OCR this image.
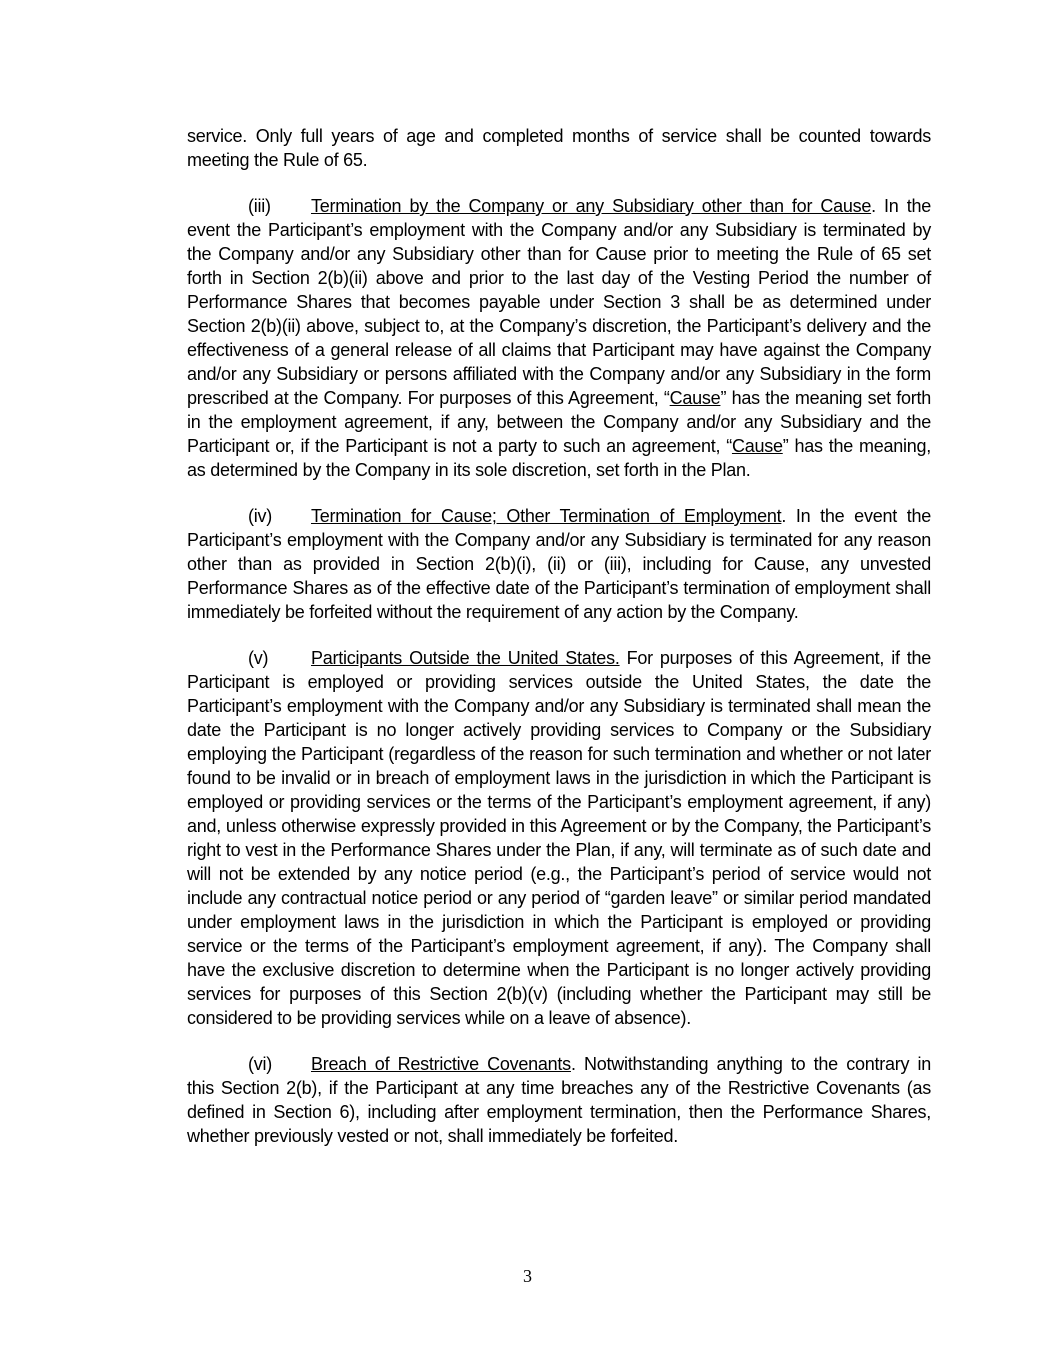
service. Only full years of age and completed months of service shall be counted towards meeting the Rule of 65.

(iii) Termination by the Company or any Subsidiary other than for Cause. In the event the Participant’s employment with the Company and/or any Subsidiary is terminated by the Company and/or any Subsidiary other than for Cause prior to meeting the Rule of 65 set forth in Section 2(b)(ii) above and prior to the last day of the Vesting Period the number of Performance Shares that becomes payable under Section 3 shall be as determined under Section 2(b)(ii) above, subject to, at the Company’s discretion, the Participant’s delivery and the effectiveness of a general release of all claims that Participant may have against the Company and/or any Subsidiary or persons affiliated with the Company and/or any Subsidiary in the form prescribed at the Company. For purposes of this Agreement, “Cause” has the meaning set forth in the employment agreement, if any, between the Company and/or any Subsidiary and the Participant or, if the Participant is not a party to such an agreement, “Cause” has the meaning, as determined by the Company in its sole discretion, set forth in the Plan.

(iv) Termination for Cause; Other Termination of Employment. In the event the Participant’s employment with the Company and/or any Subsidiary is terminated for any reason other than as provided in Section 2(b)(i), (ii) or (iii), including for Cause, any unvested Performance Shares as of the effective date of the Participant’s termination of employment shall immediately be forfeited without the requirement of any action by the Company.

(v) Participants Outside the United States. For purposes of this Agreement, if the Participant is employed or providing services outside the United States, the date the Participant’s employment with the Company and/or any Subsidiary is terminated shall mean the date the Participant is no longer actively providing services to Company or the Subsidiary employing the Participant (regardless of the reason for such termination and whether or not later found to be invalid or in breach of employment laws in the jurisdiction in which the Participant is employed or providing services or the terms of the Participant’s employment agreement, if any) and, unless otherwise expressly provided in this Agreement or by the Company, the Participant’s right to vest in the Performance Shares under the Plan, if any, will terminate as of such date and will not be extended by any notice period (e.g., the Participant’s period of service would not include any contractual notice period or any period of “garden leave” or similar period mandated under employment laws in the jurisdiction in which the Participant is employed or providing service or the terms of the Participant’s employment agreement, if any). The Company shall have the exclusive discretion to determine when the Participant is no longer actively providing services for purposes of this Section 2(b)(v) (including whether the Participant may still be considered to be providing services while on a leave of absence).

(vi) Breach of Restrictive Covenants. Notwithstanding anything to the contrary in this Section 2(b), if the Participant at any time breaches any of the Restrictive Covenants (as defined in Section 6), including after employment termination, then the Performance Shares, whether previously vested or not, shall immediately be forfeited.

3
